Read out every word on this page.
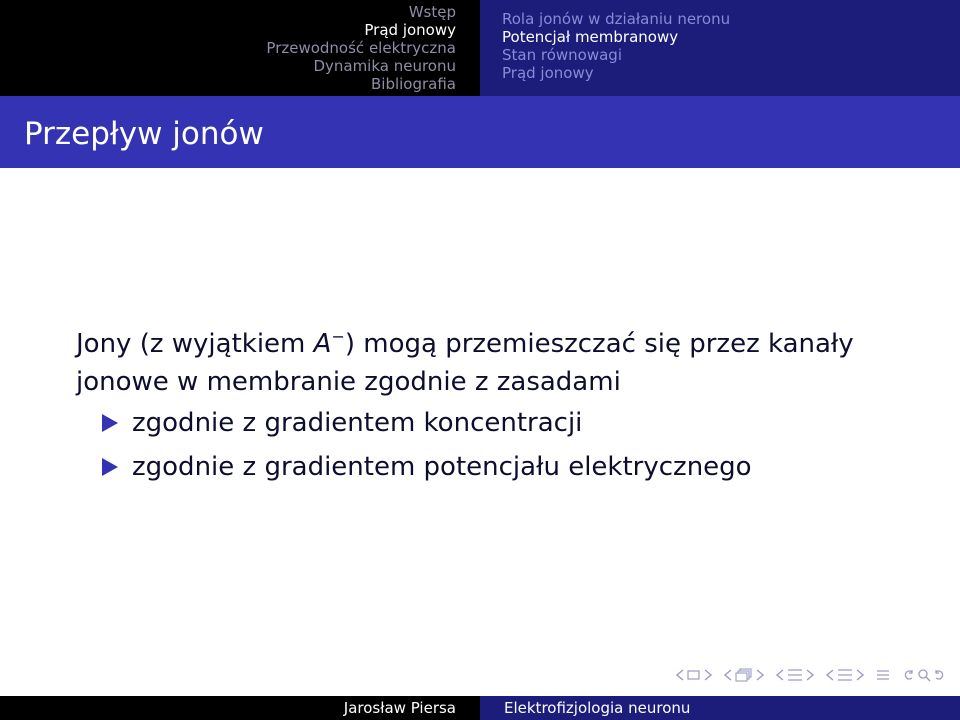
Wstęp
Prąd jonowy
Przewodność elektryczna
Dynamika neuronu
Bibliografia
Rola jonów w działaniu neronu
Potencjał membranowy
Stan równowagi
Prąd jonowy
Przepływ jonów

Jony (z wyjątkiem A−) mogą przemieszczać się przez kanały jonowe w membranie zgodnie z zasadami

zgodnie z gradientem koncentracji
zgodnie z gradientem potencjału elektrycznego
Jarosław Piersa	Elektrofizjologia neuronu
